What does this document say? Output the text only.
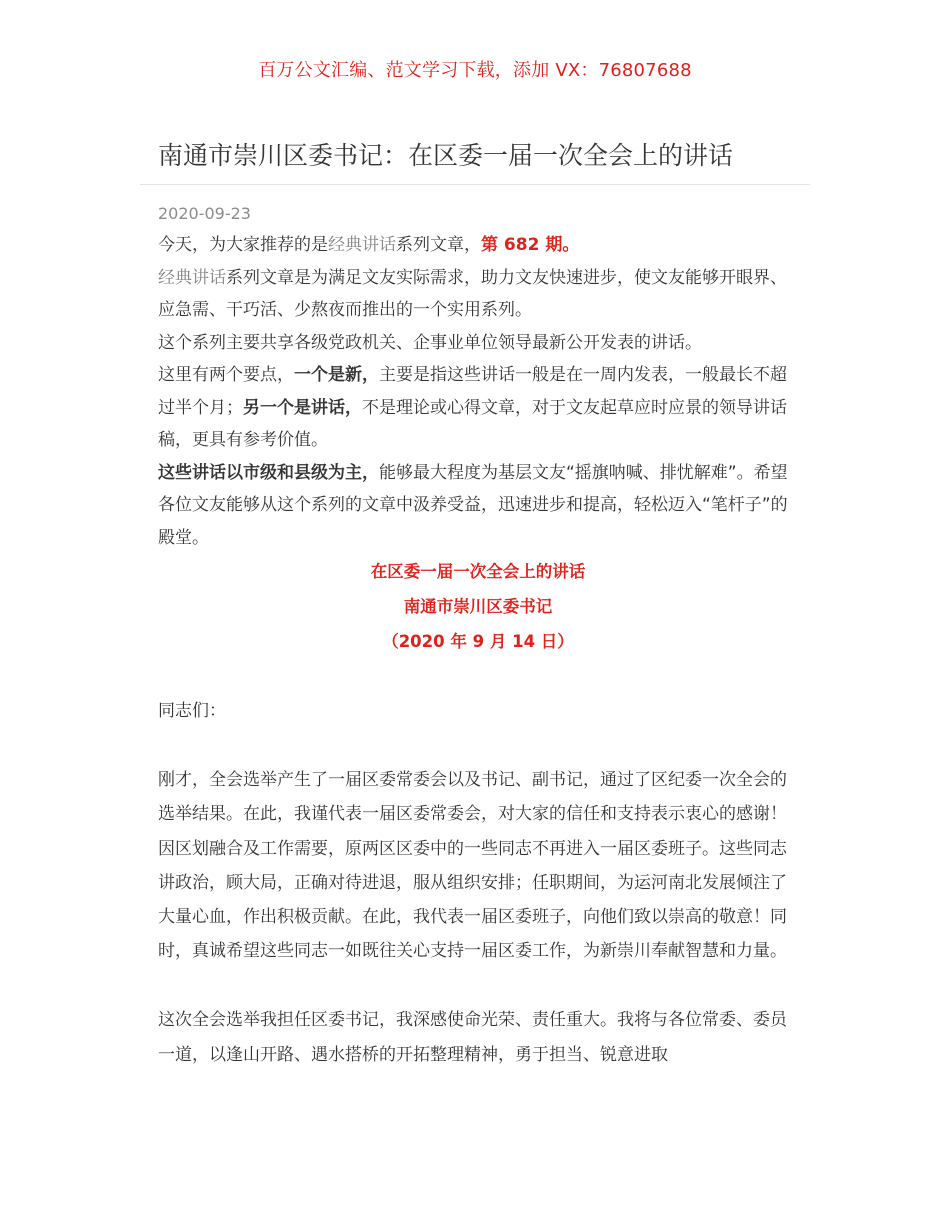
百万公文汇编、范文学习下载，添加 VX：76807688
南通市崇川区委书记：在区委一届一次全会上的讲话

2020-09-23

今天，为大家推荐的是经典讲话系列文章，第 682 期。

经典讲话系列文章是为满足文友实际需求，助力文友快速进步，使文友能够开眼界、应急需、干巧活、少熬夜而推出的一个实用系列。

这个系列主要共享各级党政机关、企事业单位领导最新公开发表的讲话。

这里有两个要点，一个是新，主要是指这些讲话一般是在一周内发表，一般最长不超过半个月；另一个是讲话，不是理论或心得文章，对于文友起草应时应景的领导讲话稿，更具有参考价值。

这些讲话以市级和县级为主，能够最大程度为基层文友“摇旗呐喊、排忧解难”。希望各位文友能够从这个系列的文章中汲养受益，迅速进步和提高，轻松迈入“笔杆子”的殿堂。

在区委一届一次全会上的讲话

南通市崇川区委书记

（2020 年 9 月 14 日）

同志们：

刚才，全会选举产生了一届区委常委会以及书记、副书记，通过了区纪委一次全会的选举结果。在此，我谨代表一届区委常委会，对大家的信任和支持表示衷心的感谢！因区划融合及工作需要，原两区区委中的一些同志不再进入一届区委班子。这些同志讲政治，顾大局，正确对待进退，服从组织安排；任职期间，为运河南北发展倾注了大量心血，作出积极贡献。在此，我代表一届区委班子，向他们致以崇高的敬意！同时，真诚希望这些同志一如既往关心支持一届区委工作，为新崇川奉献智慧和力量。

这次全会选举我担任区委书记，我深感使命光荣、责任重大。我将与各位常委、委员一道，以逢山开路、遇水搭桥的开拓整理精神，勇于担当、锐意进取
